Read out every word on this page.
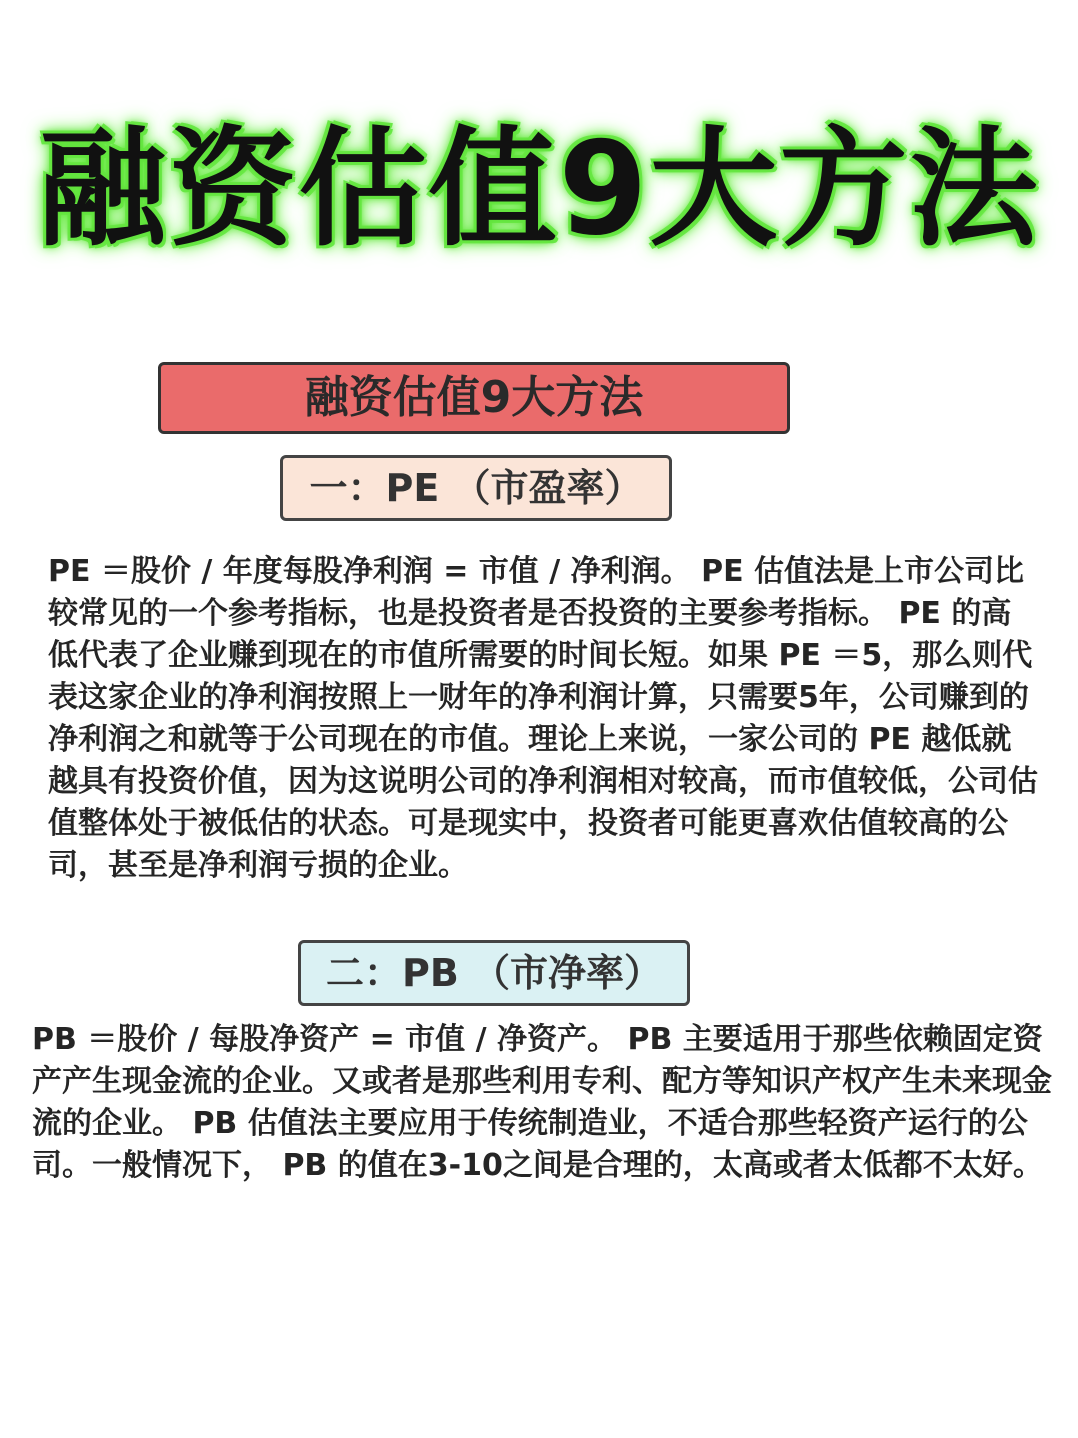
融资估值9大方法
融资估值9大方法
一：PE （市盈率）

PE ＝股价 / 年度每股净利润 = 市值 / 净利润。 PE 估值法是上市公司比较常见的一个参考指标，也是投资者是否投资的主要参考指标。 PE 的高低代表了企业赚到现在的市值所需要的时间长短。如果 PE ＝5，那么则代表这家企业的净利润按照上一财年的净利润计算，只需要5年，公司赚到的净利润之和就等于公司现在的市值。理论上来说，一家公司的 PE 越低就越具有投资价值，因为这说明公司的净利润相对较高，而市值较低，公司估值整体处于被低估的状态。可是现实中，投资者可能更喜欢估值较高的公司，甚至是净利润亏损的企业。

二：PB （市净率）

PB ＝股价 / 每股净资产 = 市值 / 净资产。 PB 主要适用于那些依赖固定资产产生现金流的企业。又或者是那些利用专利、配方等知识产权产生未来现金流的企业。 PB 估值法主要应用于传统制造业，不适合那些轻资产运行的公司。一般情况下， PB 的值在3-10之间是合理的，太高或者太低都不太好。
